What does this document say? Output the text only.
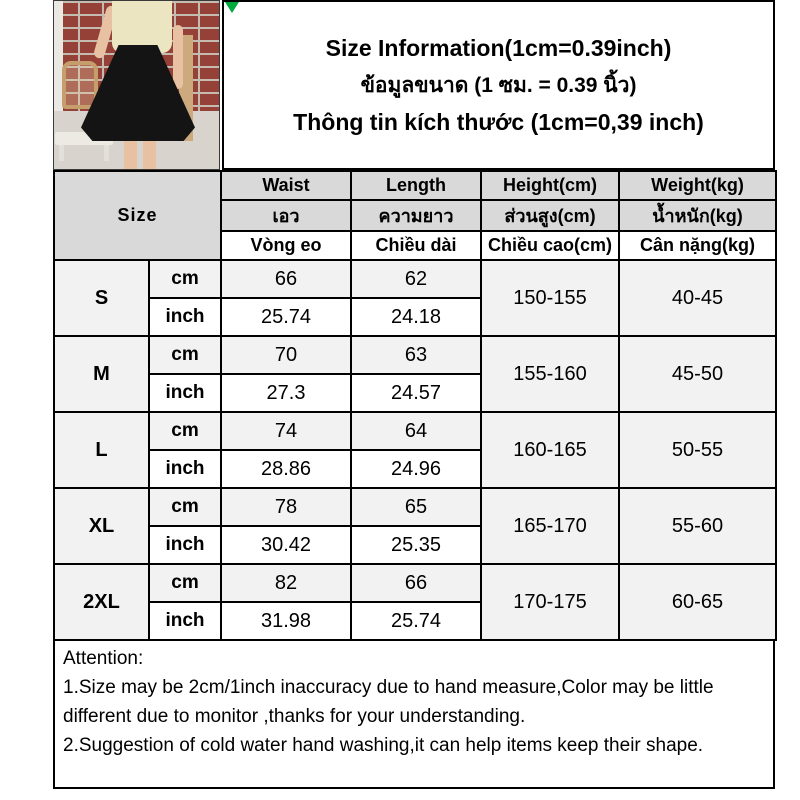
Size Information(1cm=0.39inch)
ข้อมูลขนาด (1 ซม. = 0.39 นิ้ว)
Thông tin kích thước (1cm=0,39 inch)
Size		Waist	Length	Height(cm)	Weight(kg)
		เอว	ความยาว	ส่วนสูง(cm)	น้ำหนัก(kg)
		Vòng eo	Chiều dài	Chiều cao(cm)	Cân nặng(kg)
S	cm	66	62	150-155	40-45
	inch	25.74	24.18		
M	cm	70	63	155-160	45-50
	inch	27.3	24.57		
L	cm	74	64	160-165	50-55
	inch	28.86	24.96		
XL	cm	78	65	165-170	55-60
	inch	30.42	25.35		
2XL	cm	82	66	170-175	60-65
	inch	31.98	25.74		
Attention:
1.Size may be 2cm/1inch inaccuracy due to hand measure,Color may be little different due to monitor ,thanks for your understanding.
2.Suggestion of cold water hand washing,it can help items keep their shape.
